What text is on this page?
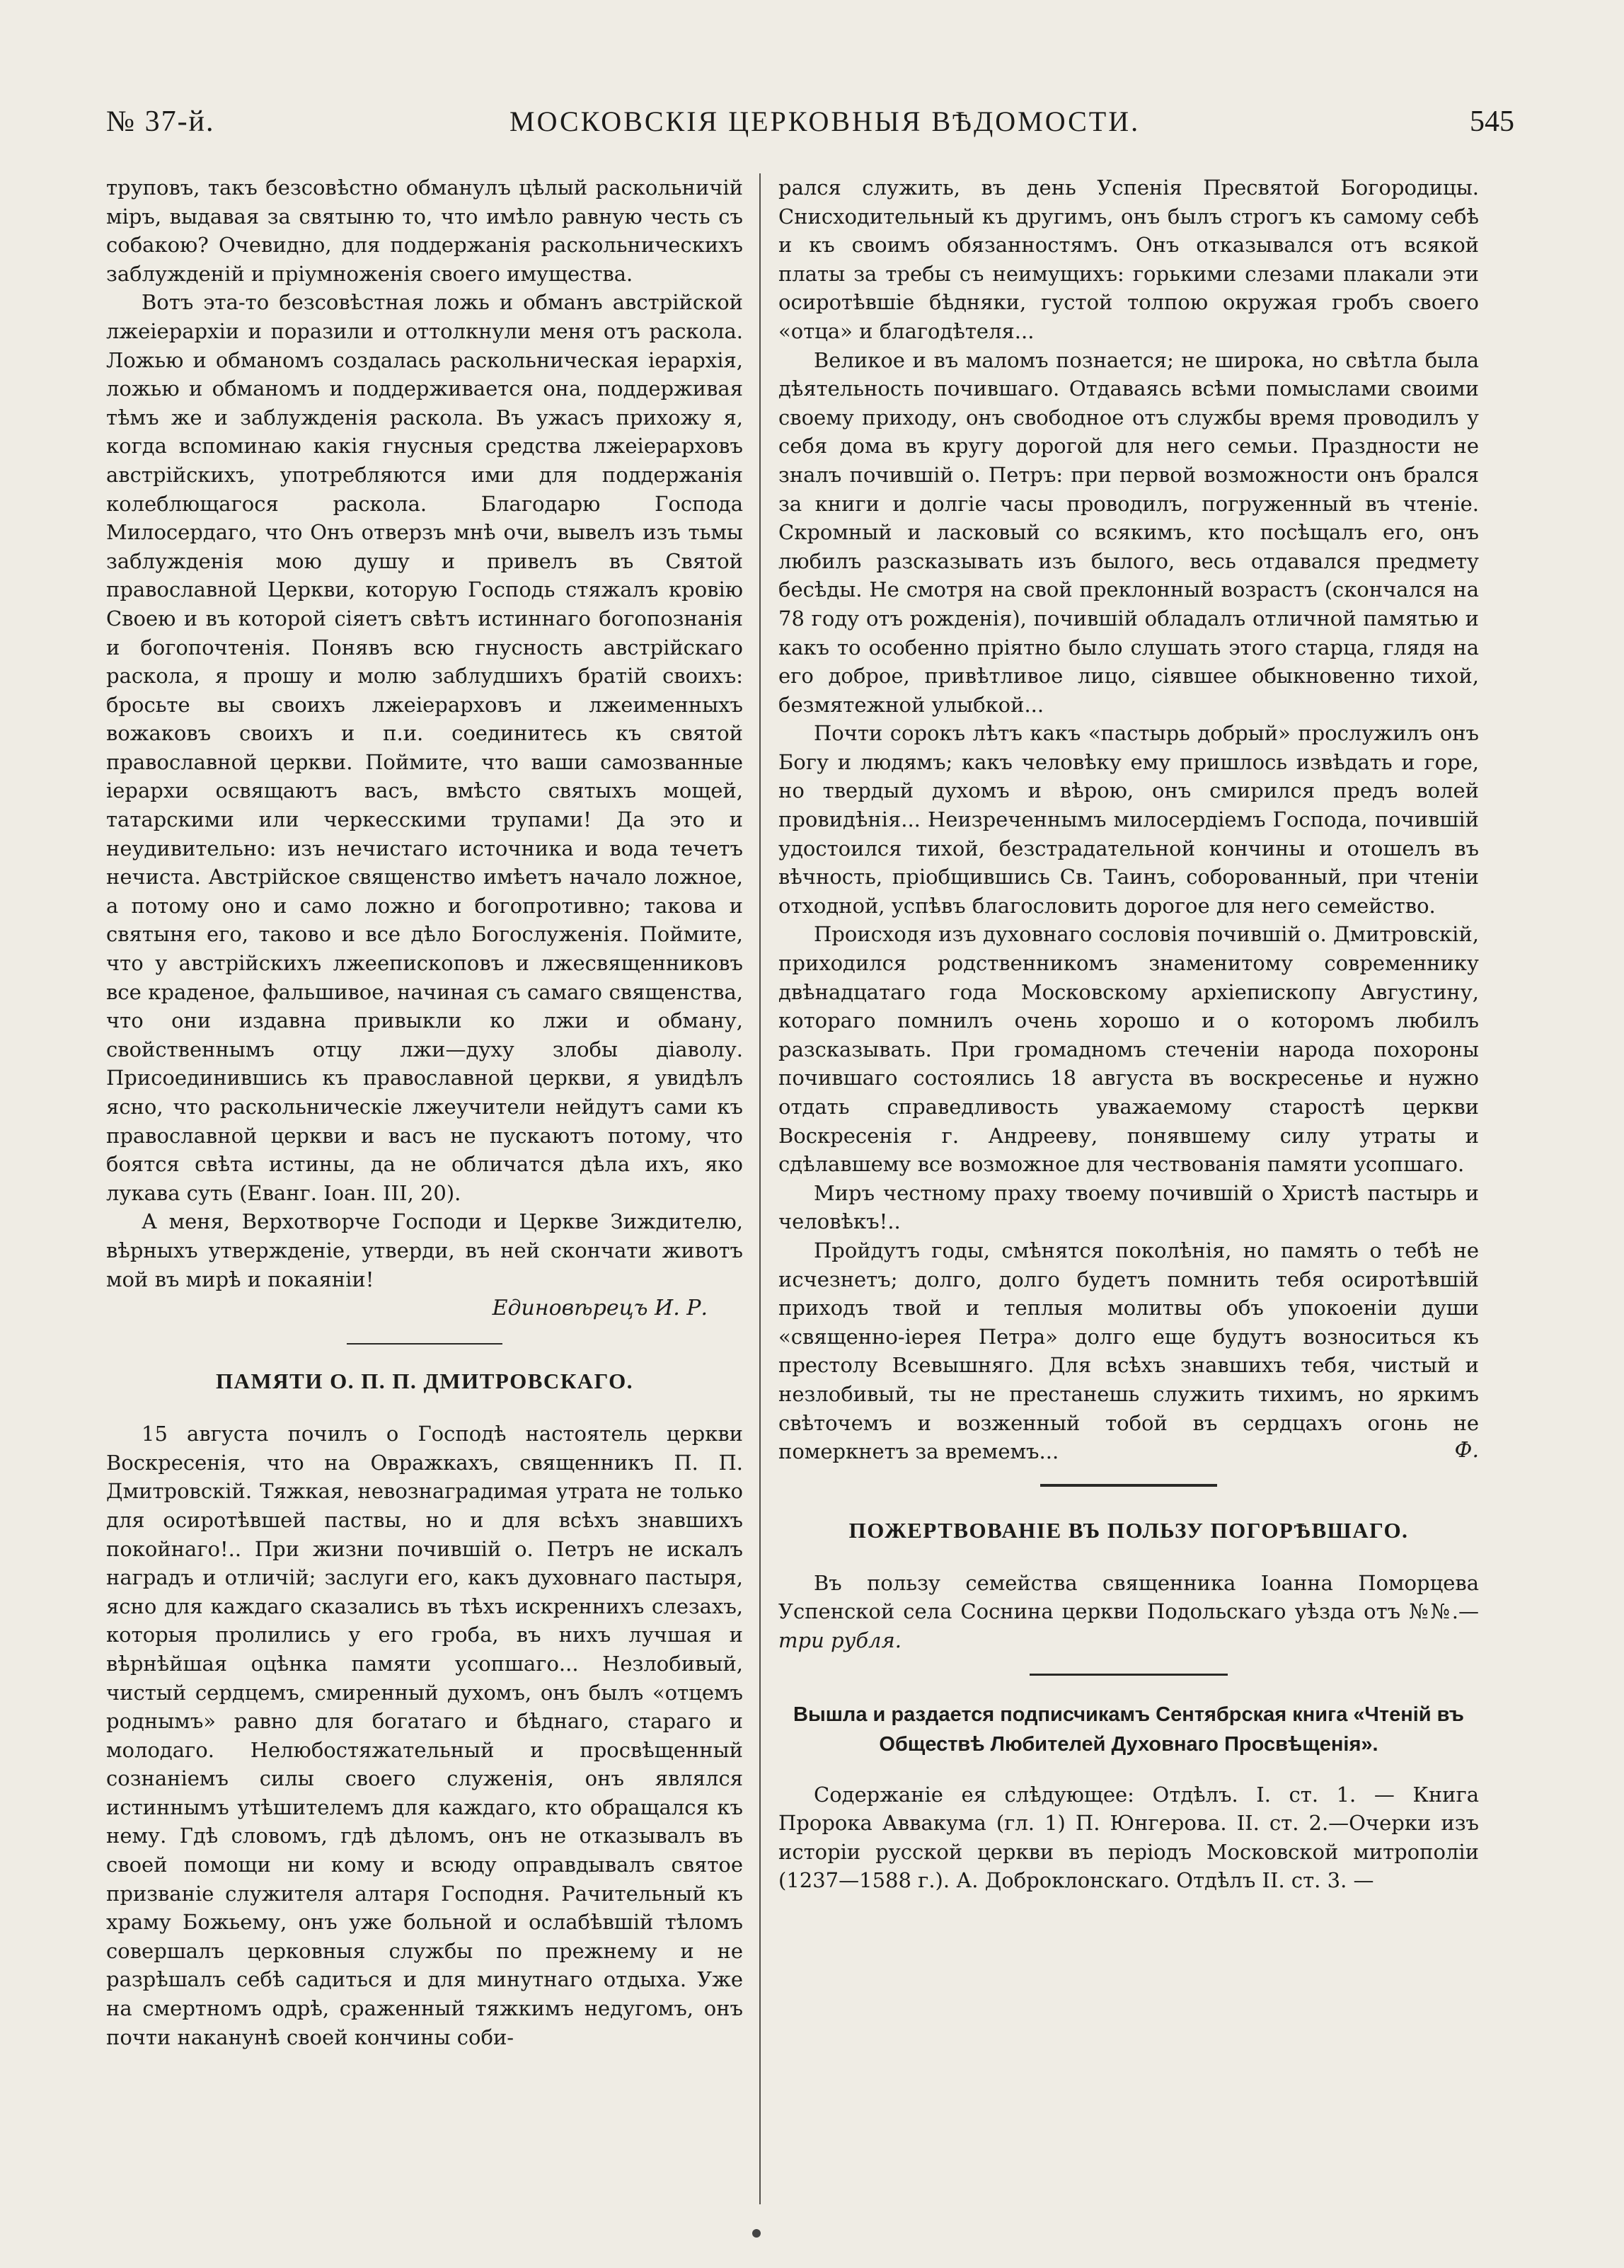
№ 37-й.	МОСКОВСКІЯ ЦЕРКОВНЫЯ ВѢДОМОСТИ.	545

труповъ, такъ безсовѣстно обманулъ цѣлый раскольничій міръ, выдавая за святыню то, что имѣло равную честь съ собакою? Очевидно, для поддержанія раскольническихъ заблужденій и пріумноженія своего имущества.

Вотъ эта-то безсовѣстная ложь и обманъ австрійской лжеіерархіи и поразили и оттолкнули меня отъ раскола. Ложью и обманомъ создалась раскольническая іерархія, ложью и обманомъ и поддерживается она, поддерживая тѣмъ же и заблужденія раскола. Въ ужасъ прихожу я, когда вспоминаю какія гнусныя средства лжеіерарховъ австрійскихъ, употребляются ими для поддержанія колеблющагося раскола. Благодарю Господа Милосердаго, что Онъ отверзъ мнѣ очи, вывелъ изъ тьмы заблужденія мою душу и привелъ въ Святой православной Церкви, которую Господь стяжалъ кровію Своею и въ которой сіяетъ свѣтъ истиннаго богопознанія и богопочтенія. Понявъ всю гнусность австрійскаго раскола, я прошу и молю заблудшихъ братій своихъ: бросьте вы своихъ лжеіерарховъ и лжеименныхъ вожаковъ своихъ и п.и. соединитесь къ святой православной церкви. Поймите, что ваши самозванные іерархи освящаютъ васъ, вмѣсто святыхъ мощей, татарскими или черкесскими трупами! Да это и неудивительно: изъ нечистаго источника и вода течетъ нечиста. Австрійское священство имѣетъ начало ложное, а потому оно и само ложно и богопротивно; такова и святыня его, таково и все дѣло Богослуженія. Поймите, что у австрійскихъ лжеепископовъ и лжесвященниковъ все краденое, фальшивое, начиная съ самаго священства, что они издавна привыкли ко лжи и обману, свойственнымъ отцу лжи—духу злобы діаволу. Присоединившись къ православной церкви, я увидѣлъ ясно, что раскольническіе лжеучители нейдутъ сами къ православной церкви и васъ не пускаютъ потому, что боятся свѣта истины, да не обличатся дѣла ихъ, яко лукава суть (Еванг. Іоан. III, 20).

А меня, Верхотворче Господи и Церкве Зиждителю, вѣрныхъ утвержденіе, утверди, въ ней скончати животъ мой въ мирѣ и покаяніи!

Единовѣрецъ И. Р.
ПАМЯТИ О. П. П. ДМИТРОВСКАГО.

15 августа почилъ о Господѣ настоятель церкви Воскресенія, что на Овражкахъ, священникъ П. П. Дмитровскій. Тяжкая, невознаградимая утрата не только для осиротѣвшей паствы, но и для всѣхъ знавшихъ покойнаго!.. При жизни почившій о. Петръ не искалъ наградъ и отличій; заслуги его, какъ духовнаго пастыря, ясно для каждаго сказались въ тѣхъ искреннихъ слезахъ, которыя пролились у его гроба, въ нихъ лучшая и вѣрнѣйшая оцѣнка памяти усопшаго... Незлобивый, чистый сердцемъ, смиренный духомъ, онъ былъ «отцемъ роднымъ» равно для богатаго и бѣднаго, стараго и молодаго. Нелюбостяжательный и просвѣщенный сознаніемъ силы своего служенія, онъ являлся истиннымъ утѣшителемъ для каждаго, кто обращался къ нему. Гдѣ словомъ, гдѣ дѣломъ, онъ не отказывалъ въ своей помощи ни кому и всюду оправдывалъ святое призваніе служителя алтаря Господня. Рачительный къ храму Божьему, онъ уже больной и ослабѣвшій тѣломъ совершалъ церковныя службы по прежнему и не разрѣшалъ себѣ садиться и для минутнаго отдыха. Уже на смертномъ одрѣ, сраженный тяжкимъ недугомъ, онъ почти наканунѣ своей кончины соби-

рался служить, въ день Успенія Пресвятой Богородицы. Снисходительный къ другимъ, онъ былъ строгъ къ самому себѣ и къ своимъ обязанностямъ. Онъ отказывался отъ всякой платы за требы съ неимущихъ: горькими слезами плакали эти осиротѣвшіе бѣдняки, густой толпою окружая гробъ своего «отца» и благодѣтеля...

Великое и въ маломъ познается; не широка, но свѣтла была дѣятельность почившаго. Отдаваясь всѣми помыслами своими своему приходу, онъ свободное отъ службы время проводилъ у себя дома въ кругу дорогой для него семьи. Праздности не зналъ почившій о. Петръ: при первой возможности онъ брался за книги и долгіе часы проводилъ, погруженный въ чтеніе. Скромный и ласковый со всякимъ, кто посѣщалъ его, онъ любилъ разсказывать изъ былого, весь отдавался предмету бесѣды. Не смотря на свой преклонный возрастъ (скончался на 78 году отъ рожденія), почившій обладалъ отличной памятью и какъ то особенно пріятно было слушать этого старца, глядя на его доброе, привѣтливое лицо, сіявшее обыкновенно тихой, безмятежной улыбкой...

Почти сорокъ лѣтъ какъ «пастырь добрый» прослужилъ онъ Богу и людямъ; какъ человѣку ему пришлось извѣдать и горе, но твердый духомъ и вѣрою, онъ смирился предъ волей провидѣнія... Неизреченнымъ милосердіемъ Господа, почившій удостоился тихой, безстрадательной кончины и отошелъ въ вѣчность, пріобщившись Св. Таинъ, соборованный, при чтеніи отходной, успѣвъ благословить дорогое для него семейство.

Происходя изъ духовнаго сословія почившій о. Дмитровскій, приходился родственникомъ знаменитому современнику двѣнадцатаго года Московскому архіепископу Августину, котораго помнилъ очень хорошо и о которомъ любилъ разсказывать. При громадномъ стеченіи народа похороны почившаго состоялись 18 августа въ воскресенье и нужно отдать справедливость уважаемому старостѣ церкви Воскресенія г. Андрееву, понявшему силу утраты и сдѣлавшему все возможное для чествованія памяти усопшаго.

Миръ честному праху твоему почившій о Христѣ пастырь и человѣкъ!..

Пройдутъ годы, смѣнятся поколѣнія, но память о тебѣ не исчезнетъ; долго, долго будетъ помнить тебя осиротѣвшій приходъ твой и теплыя молитвы объ упокоеніи души «священно-іерея Петра» долго еще будутъ возноситься къ престолу Всевышняго. Для всѣхъ знавшихъ тебя, чистый и незлобивый, ты не престанешь служить тихимъ, но яркимъ свѣточемъ и возженный тобой въ сердцахъ огонь не померкнетъ за времемъ...	Ф.
ПОЖЕРТВОВАНІЕ ВЪ ПОЛЬЗУ ПОГОРѢВШАГО.

Въ пользу семейства священника Іоанна Поморцева Успенской села Соснина церкви Подольскаго уѣзда отъ №№.—три рубля.

Вышла и раздается подписчикамъ Сентябрская книга «Чтеній въ Обществѣ Любителей Духовнаго Просвѣщенія».

Содержаніе ея слѣдующее: Отдѣлъ. I. ст. 1. — Книга Пророка Аввакума (гл. 1) П. Юнгерова. II. ст. 2.—Очерки изъ исторіи русской церкви въ періодъ Московской митрополіи (1237—1588 г.). А. Доброклонскаго. Отдѣлъ II. ст. 3. —
